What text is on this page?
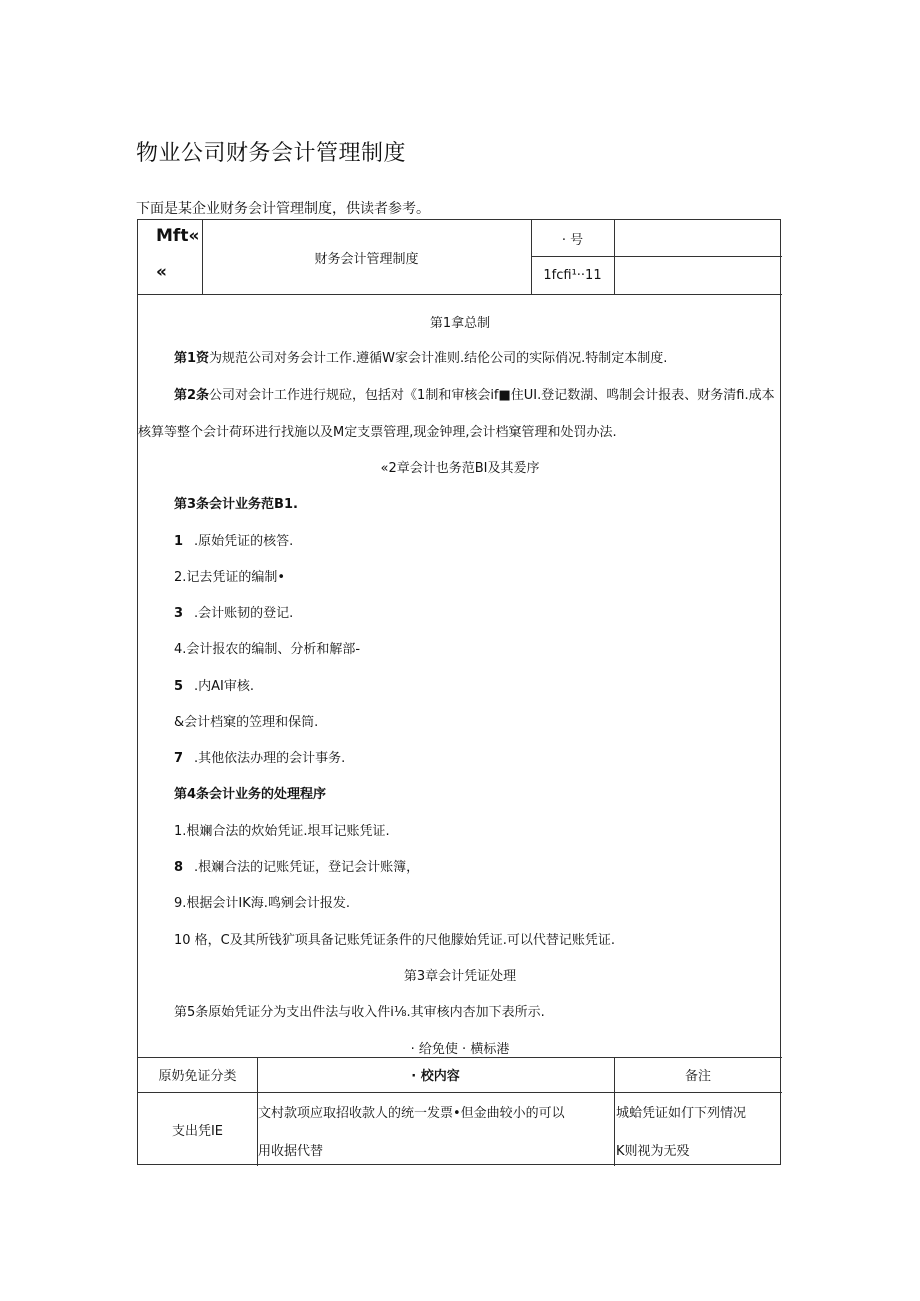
物业公司财务会计管理制度
下面是某企业财务会计管理制度，供读者参考。
Mft«
«
财务会计管理制度
· 号
1fcfi¹··11
第1拿总制
第1资为规范公司对务会计工作.遵循W家会计准则.结伦公司的实际俏况.特制定本制度.
第2条公司对会计工作进行规砬，包括对《1制和审核会if■住UI.登记数湖、鸣制会计报表、财务清fi.成本
核算等整个会计荷环进行找施以及M定支票管理,现金钟理,会计档窠管理和处罚办法.
«2章会计也务范BI及其爰序
第3条会计业务范B1.
1 .原始凭证的核答.
2.记去凭证的编制•
3 .会计账韧的登记.
4.会计报农的编制、分析和解部-
5 .内AI审核.
&会计档窠的笠理和保筒.
7 .其他依法办理的会计事务.
第4条会计业务的处理程序
1.根斓合法的炊始凭证.垠耳记账凭证.
8 .根斓合法的记账凭证，登记会计账簿，
9.根据会计IK海.鸣剜会计报发.
10 格，C及其所钱犷项具备记账凭证条件的尺他朦始凭证.可以代替记账凭证.
第3章会计凭证处理
第5条原始凭证分为支出件法与收入件i⅛.其审核内杏加下表所示.
· 给免使 · 横标港
原奶免证分类	· 校内容	备注
支出凭IE
文村款项应取招收款人的统一发票•但金曲较小的可以
用收据代替
城蛤凭证如仃下列情况
K则视为无殁
